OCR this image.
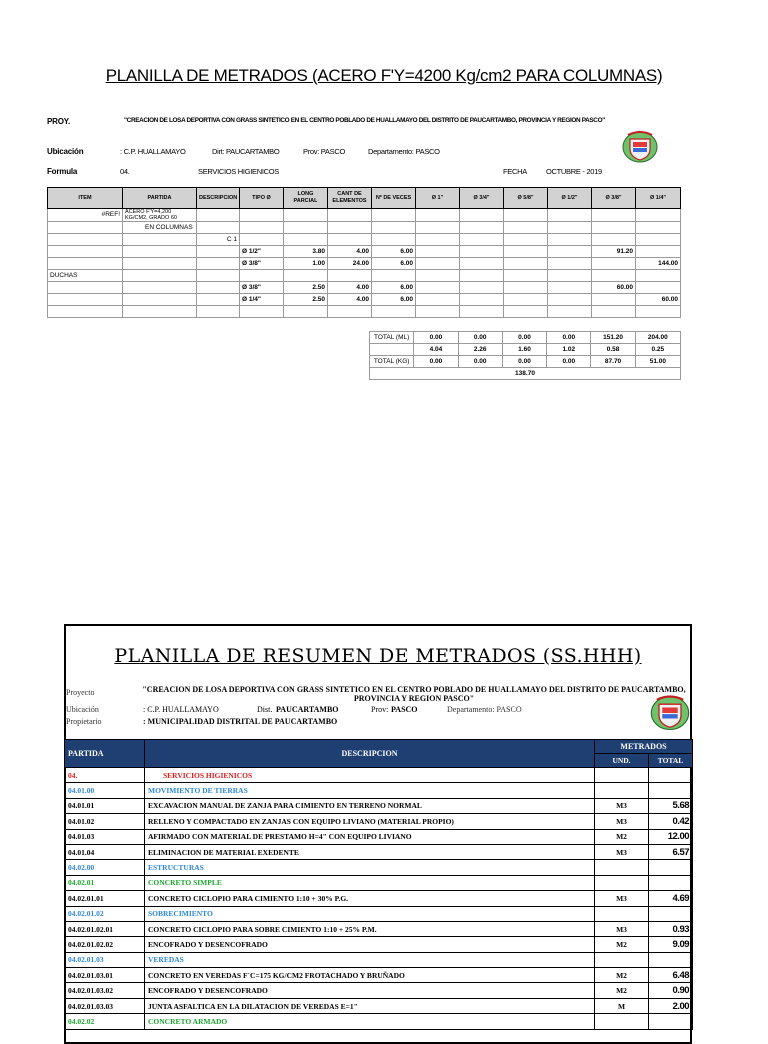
PLANILLA DE METRADOS (ACERO F'Y=4200 Kg/cm2 PARA COLUMNAS)
PROY.	"CREACION DE LOSA DEPORTIVA CON GRASS SINTETICO EN EL CENTRO POBLADO DE HUALLAMAYO DEL DISTRITO DE PAUCARTAMBO, PROVINCIA Y REGION PASCO"
Ubicación	: C.P. HUALLAMAYO	Dirt: PAUCARTAMBO	Prov: PASCO	Departamento: PASCO
Formula	04.	SERVICIOS HIGIENICOS	FECHA	OCTUBRE - 2019
ITEM	PARTIDA	DESCRIPCION	TIPO Ø	LONG PARCIAL	CANT DE ELEMENTOS	Nº DE VECES	Ø 1"	Ø 3/4"	Ø 5/8"	Ø 1/2"	Ø 3/8"	Ø 1/4"
#REF!	ACERO F'Y=4,200 KG/CM2, GRADO 60											
	EN COLUMNAS											
		C 1										
			Ø 1/2"	3.80	4.00	6.00					91.20	
			Ø 3/8"	1.00	24.00	6.00						144.00
DUCHAS												
			Ø 3/8"	2.50	4.00	6.00					60.00	
			Ø 1/4"	2.50	4.00	6.00						60.00

TOTAL (ML)	0.00	0.00	0.00	0.00	151.20	204.00
	4.04	2.26	1.60	1.02	0.58	0.25
TOTAL (KG)	0.00	0.00	0.00	0.00	87.70	51.00
138.70						
PLANILLA DE RESUMEN DE METRADOS (SS.HHH)
Proyecto	"CREACION DE LOSA DEPORTIVA CON GRASS SINTETICO EN EL CENTRO POBLADO DE HUALLAMAYO DEL DISTRITO DE PAUCARTAMBO, PROVINCIA Y REGION PASCO"
Ubicación	: C.P. HUALLAMAYO	Dist. PAUCARTAMBO	Prov: PASCO	Departamento: PASCO
Propietario	: MUNICIPALIDAD DISTRITAL DE PAUCARTAMBO
PARTIDA	DESCRIPCION	METRADOS	
		UND.	TOTAL
04.	SERVICIOS HIGIENICOS		
04.01.00	MOVIMIENTO DE TIERRAS		
04.01.01	EXCAVACION MANUAL DE ZANJA PARA CIMIENTO EN TERRENO NORMAL	M3	5.68
04.01.02	RELLENO Y COMPACTADO EN ZANJAS CON EQUIPO LIVIANO (MATERIAL PROPIO)	M3	0.42
04.01.03	AFIRMADO CON MATERIAL DE PRESTAMO H=4" CON EQUIPO LIVIANO	M2	12.00
04.01.04	ELIMINACION DE MATERIAL EXEDENTE	M3	6.57
04.02.00	ESTRUCTURAS		
04.02.01	CONCRETO SIMPLE		
04.02.01.01	CONCRETO CICLOPIO PARA CIMIENTO 1:10 + 30% P.G.	M3	4.69
04.02.01.02	SOBRECIMIENTO		
04.02.01.02.01	CONCRETO CICLOPIO PARA SOBRE CIMIENTO 1:10 + 25% P.M.	M3	0.93
04.02.01.02.02	ENCOFRADO Y DESENCOFRADO	M2	9.09
04.02.01.03	VEREDAS		
04.02.01.03.01	CONCRETO EN VEREDAS F`C=175 KG/CM2 FROTACHADO Y BRUÑADO	M2	6.48
04.02.01.03.02	ENCOFRADO Y DESENCOFRADO	M2	0.90
04.02.01.03.03	JUNTA ASFALTICA EN LA DILATACION DE VEREDAS E=1"	M	2.00
04.02.02	CONCRETO ARMADO		
